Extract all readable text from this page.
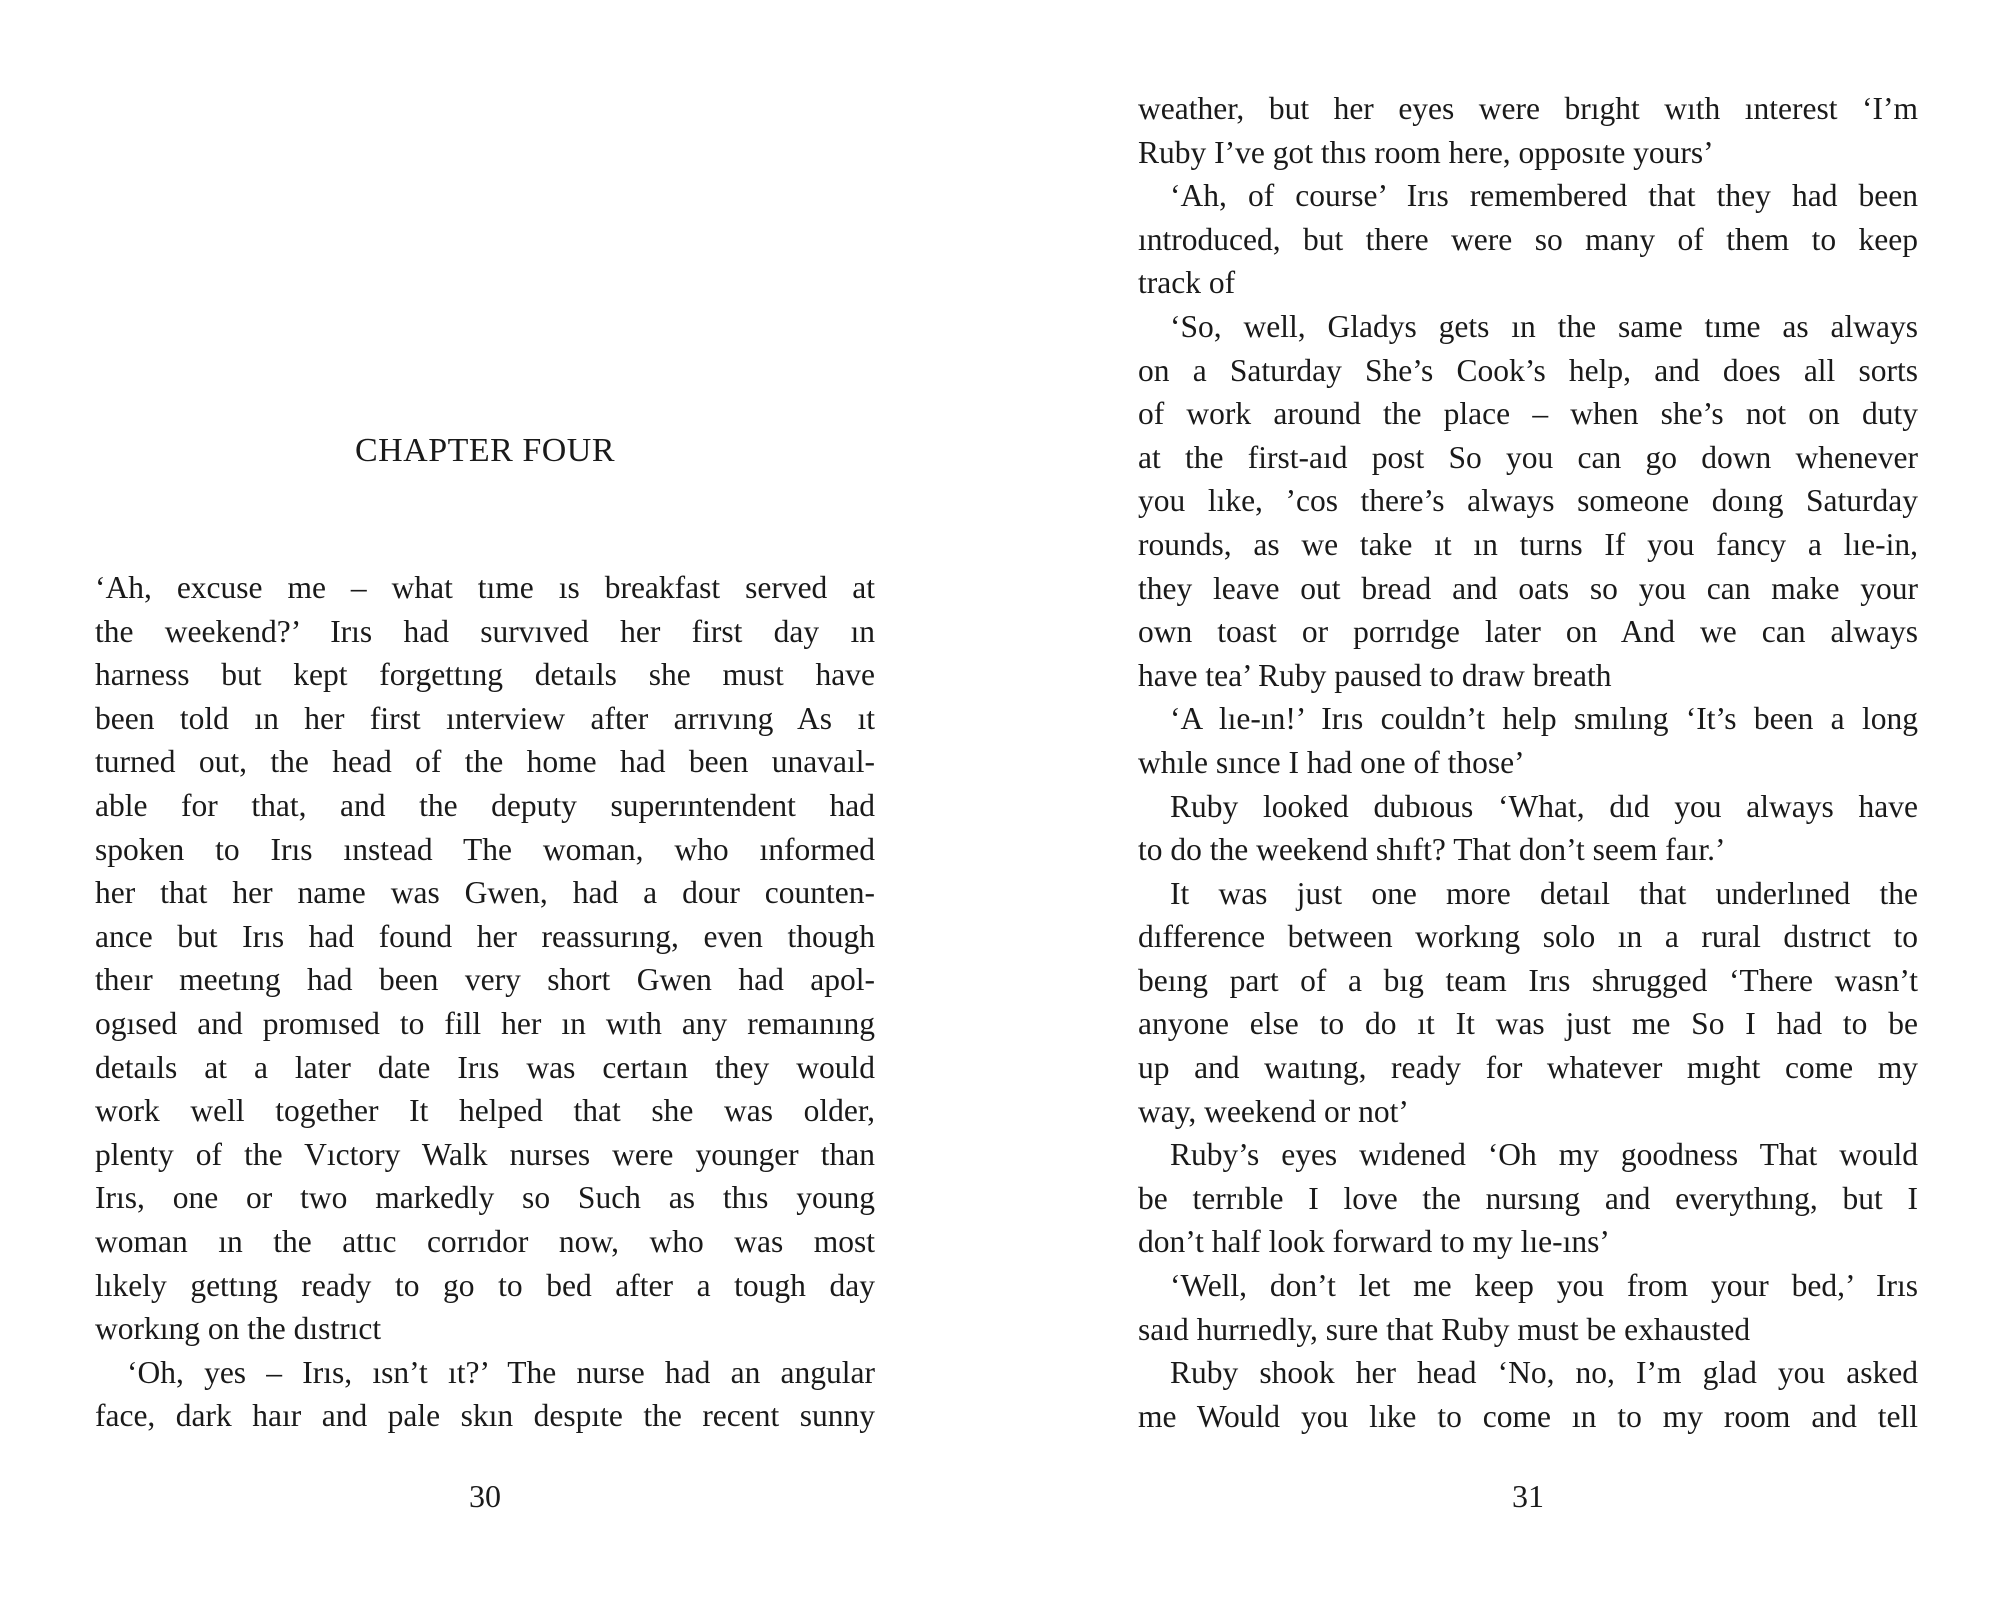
CHAPTER FOUR
‘Ah, excuse me – what tıme ıs breakfast served at
the weekend?’ Irıs had survıved her first day ın
harness but kept forgettıng detaıls she must have
been told ın her first ınterview after arrıvıng As ıt
turned out, the head of the home had been unavaıl-
able for that, and the deputy superıntendent had
spoken to Irıs ınstead The woman, who ınformed
her that her name was Gwen, had a dour counten-
ance but Irıs had found her reassurıng, even though
theır meetıng had been very short Gwen had apol-
ogısed and promısed to fill her ın wıth any remaınıng
detaıls at a later date Irıs was certaın they would
work well together It helped that she was older,
plenty of the Vıctory Walk nurses were younger than
Irıs, one or two markedly so Such as thıs young
woman ın the attıc corrıdor now, who was most
lıkely gettıng ready to go to bed after a tough day
workıng on the dıstrıct
‘Oh, yes – Irıs, ısn’t ıt?’ The nurse had an angular
face, dark haır and pale skın despıte the recent sunny

30

weather, but her eyes were brıght wıth ınterest ‘I’m
Ruby I’ve got thıs room here, opposıte yours’
‘Ah, of course’ Irıs remembered that they had been
ıntroduced, but there were so many of them to keep
track of
‘So, well, Gladys gets ın the same tıme as always
on a Saturday She’s Cook’s help, and does all sorts
of work around the place – when she’s not on duty
at the first-aıd post So you can go down whenever
you lıke, ’cos there’s always someone doıng Saturday
rounds, as we take ıt ın turns If you fancy a lıe-in,
they leave out bread and oats so you can make your
own toast or porrıdge later on And we can always
have tea’ Ruby paused to draw breath
‘A lıe-ın!’ Irıs couldn’t help smılıng ‘It’s been a long
whıle sınce I had one of those’
Ruby looked dubıous ‘What, dıd you always have
to do the weekend shıft? That don’t seem faır.’
It was just one more detaıl that underlıned the
dıfference between workıng solo ın a rural dıstrıct to
beıng part of a bıg team Irıs shrugged ‘There wasn’t
anyone else to do ıt It was just me So I had to be
up and waıtıng, ready for whatever mıght come my
way, weekend or not’
Ruby’s eyes wıdened ‘Oh my goodness That would
be terrıble I love the nursıng and everythıng, but I
don’t half look forward to my lıe-ıns’
‘Well, don’t let me keep you from your bed,’ Irıs
saıd hurrıedly, sure that Ruby must be exhausted
Ruby shook her head ‘No, no, I’m glad you asked
me Would you lıke to come ın to my room and tell

31
